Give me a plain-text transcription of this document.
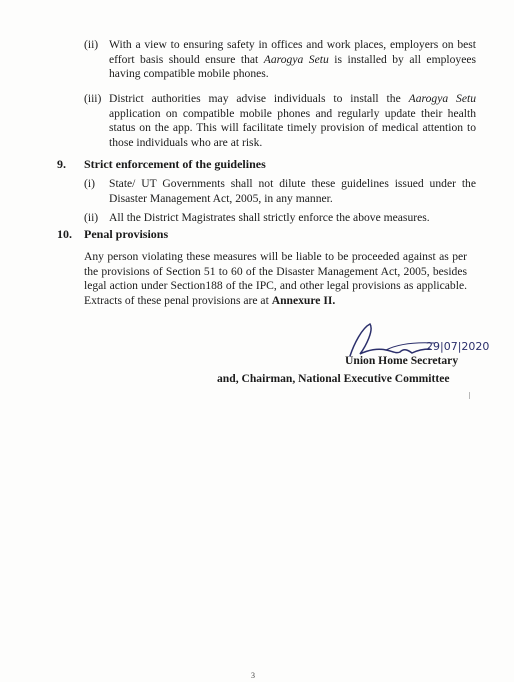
(ii) With a view to ensuring safety in offices and work places, employers on best effort basis should ensure that Aarogya Setu is installed by all employees having compatible mobile phones.
(iii) District authorities may advise individuals to install the Aarogya Setu application on compatible mobile phones and regularly update their health status on the app. This will facilitate timely provision of medical attention to those individuals who are at risk.
9. Strict enforcement of the guidelines
(i)	State/ UT Governments shall not dilute these guidelines issued under the Disaster Management Act, 2005, in any manner.
(ii) All the District Magistrates shall strictly enforce the above measures.
10. Penal provisions
Any person violating these measures will be liable to be proceeded against as per the provisions of Section 51 to 60 of the Disaster Management Act, 2005, besides legal action under Section188 of the IPC, and other legal provisions as applicable. Extracts of these penal provisions are at Annexure II.
29|07|2020
Union Home Secretary
and, Chairman, National Executive Committee
3
